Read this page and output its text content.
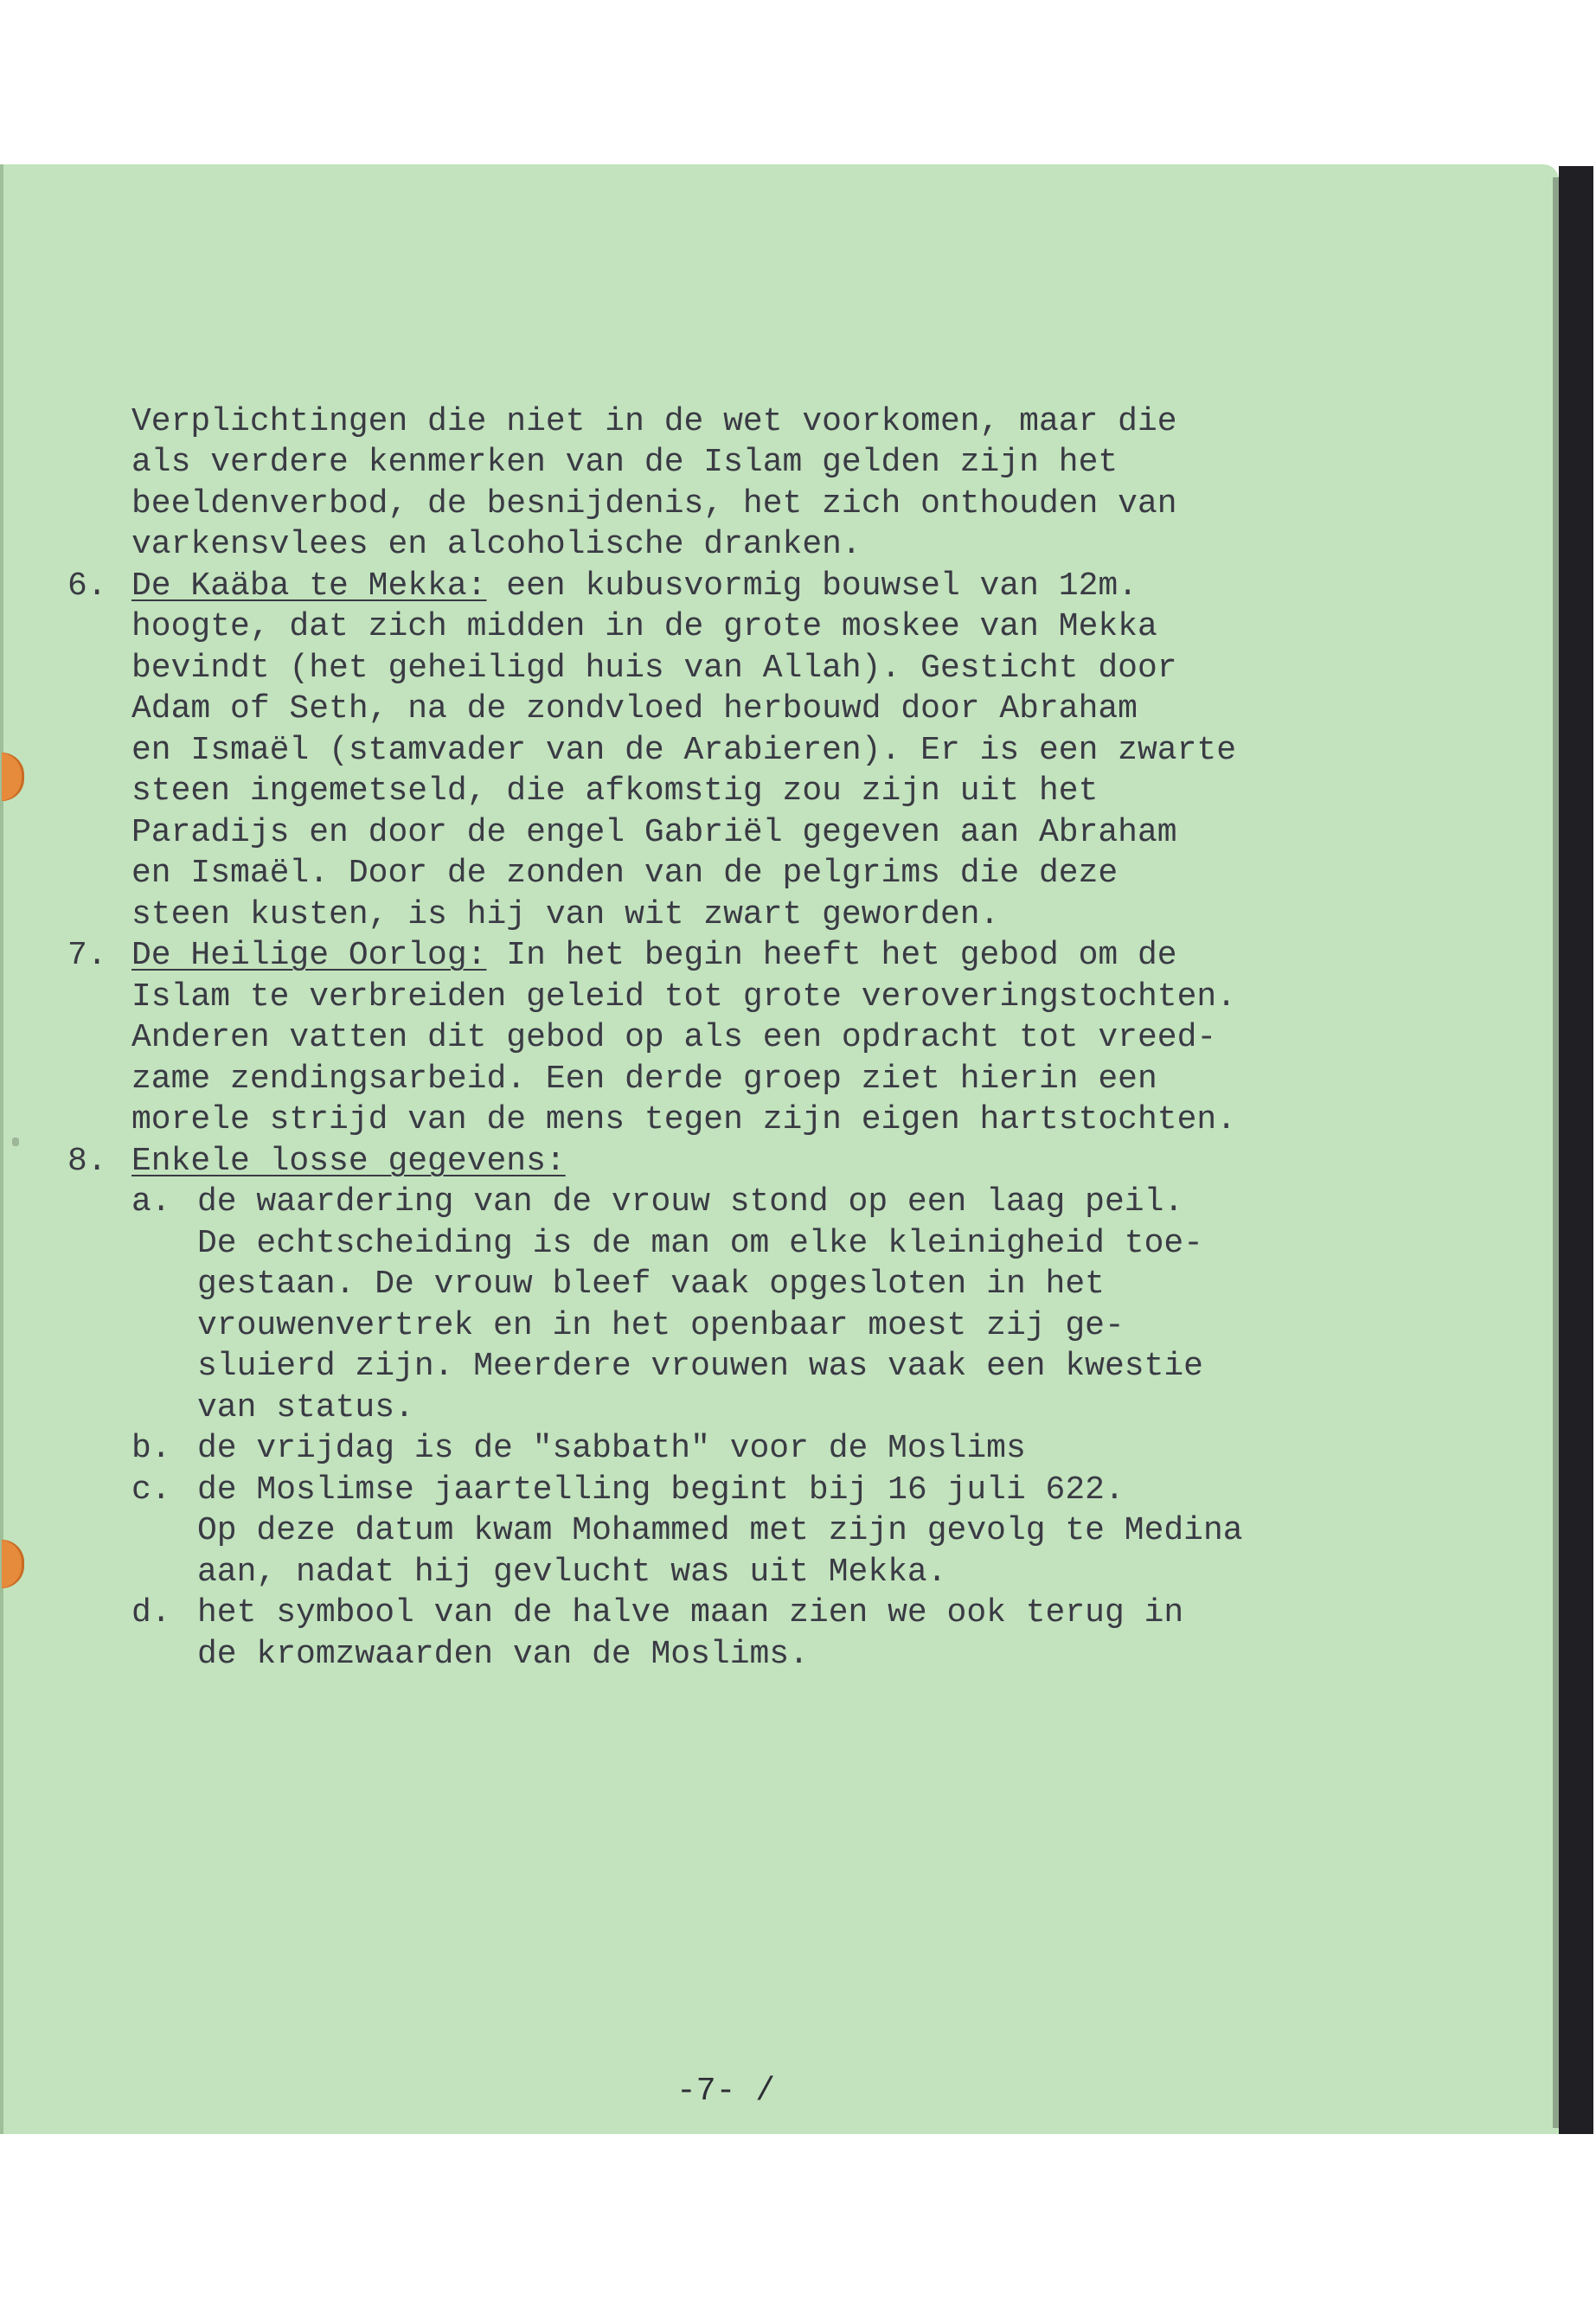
Verplichtingen die niet in de wet voorkomen, maar die

als verdere kenmerken van de Islam gelden zijn het

beeldenverbod, de besnijdenis, het zich onthouden van

varkensvlees en alcoholische dranken.

6. De Kaäba te Mekka: een kubusvormig bouwsel van 12m.

hoogte, dat zich midden in de grote moskee van Mekka

bevindt (het geheiligd huis van Allah). Gesticht door

Adam of Seth, na de zondvloed herbouwd door Abraham

en Ismaël (stamvader van de Arabieren). Er is een zwarte

steen ingemetseld, die afkomstig zou zijn uit het

Paradijs en door de engel Gabriël gegeven aan Abraham

en Ismaël. Door de zonden van de pelgrims die deze

steen kusten, is hij van wit zwart geworden.

7. De Heilige Oorlog: In het begin heeft het gebod om de

Islam te verbreiden geleid tot grote veroveringstochten.

Anderen vatten dit gebod op als een opdracht tot vreed-

zame zendingsarbeid. Een derde groep ziet hierin een

morele strijd van de mens tegen zijn eigen hartstochten.

8. Enkele losse gegevens:

a. de waardering van de vrouw stond op een laag peil.

De echtscheiding is de man om elke kleinigheid toe-

gestaan. De vrouw bleef vaak opgesloten in het

vrouwenvertrek en in het openbaar moest zij ge-

sluierd zijn. Meerdere vrouwen was vaak een kwestie

van status.

b. de vrijdag is de "sabbath" voor de Moslims

c. de Moslimse jaartelling begint bij 16 juli 622.

Op deze datum kwam Mohammed met zijn gevolg te Medina

aan, nadat hij gevlucht was uit Mekka.

d. het symbool van de halve maan zien we ook terug in

de kromzwaarden van de Moslims.

-7- /
